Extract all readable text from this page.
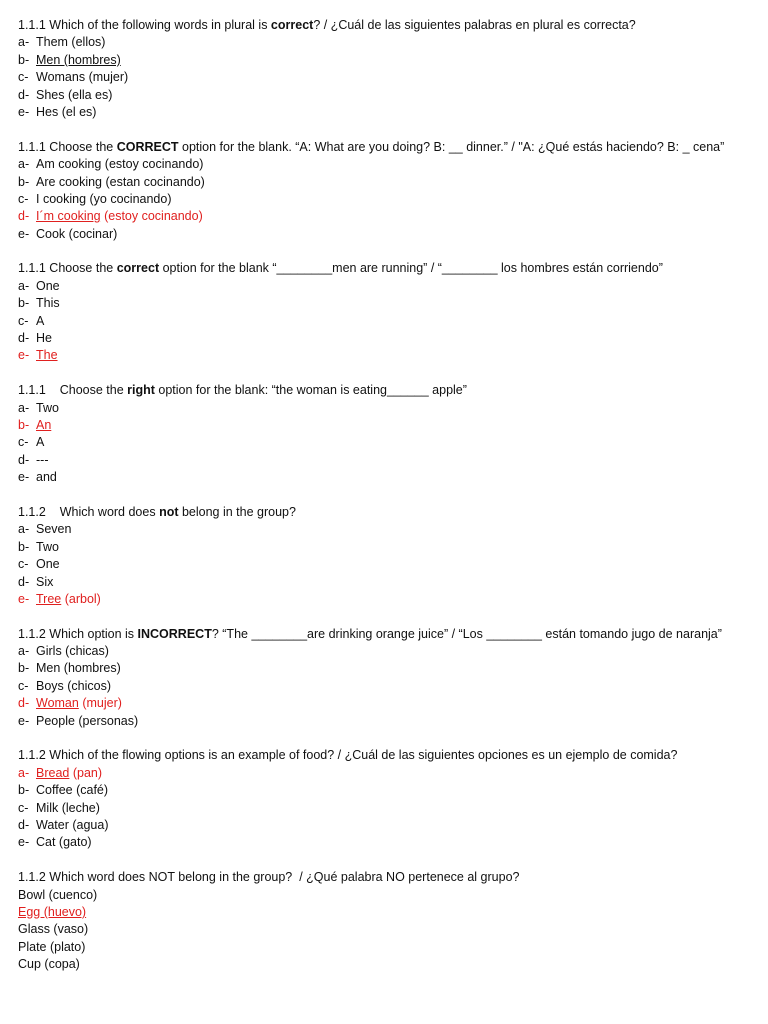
1.1.1 Which of the following words in plural is correct? / ¿Cuál de las siguientes palabras en plural es correcta?
a- Them (ellos)
b- Men (hombres)
c- Womans (mujer)
d- Shes (ella es)
e- Hes (el es)
1.1.1 Choose the CORRECT option for the blank. “A: What are you doing? B: __ dinner.” / "A: ¿Qué estás haciendo? B: _ cena”
a- Am cooking (estoy cocinando)
b- Are cooking (estan cocinando)
c- I cooking (yo cocinando)
d- I´m cooking (estoy cocinando)
e- Cook (cocinar)
1.1.1 Choose the correct option for the blank “________men are running” / “________ los hombres están corriendo”
a- One
b- This
c- A
d- He
e- The
1.1.1    Choose the right option for the blank: “the woman is eating______ apple”
a- Two
b- An
c- A
d- ---
e- and
1.1.2    Which word does not belong in the group?
a- Seven
b- Two
c- One
d- Six
e- Tree (arbol)
1.1.2 Which option is INCORRECT? “The ________are drinking orange juice” / “Los ________ están tomando jugo de naranja”
a- Girls (chicas)
b- Men (hombres)
c- Boys (chicos)
d- Woman (mujer)
e- People (personas)
1.1.2 Which of the flowing options is an example of food? / ¿Cuál de las siguientes opciones es un ejemplo de comida?
a- Bread (pan)
b- Coffee (café)
c- Milk (leche)
d- Water (agua)
e- Cat (gato)
1.1.2 Which word does NOT belong in the group?  / ¿Qué palabra NO pertenece al grupo?
Bowl (cuenco)
Egg (huevo)
Glass (vaso)
Plate (plato)
Cup (copa)
